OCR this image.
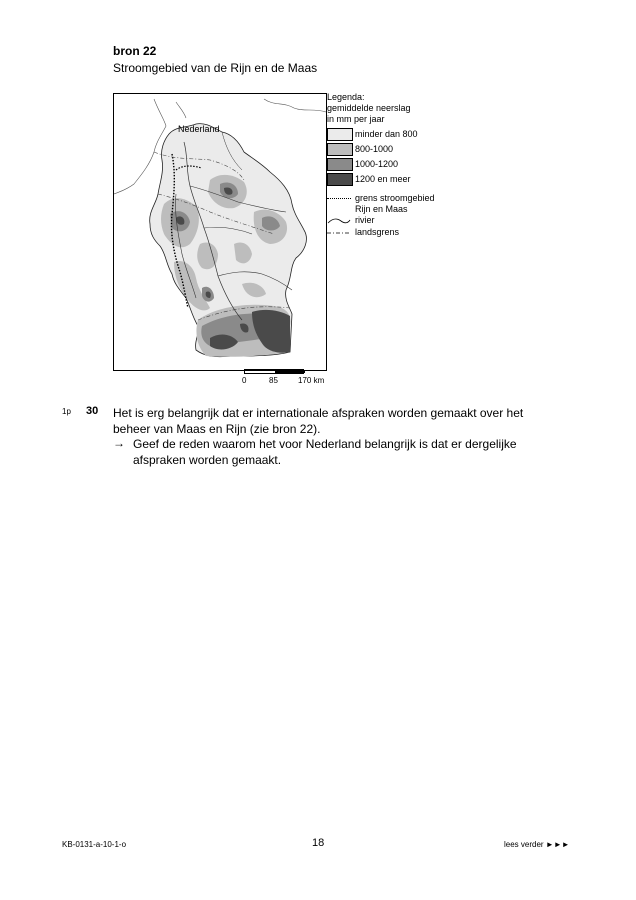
bron 22
Stroomgebied van de Rijn en de Maas
Nederland
Legenda:
gemiddelde neerslag
in mm per jaar
minder dan 800
800-1000
1000-1200
1200 en meer
grens stroomgebied
Rijn en Maas
rivier
landsgrens
0	85	170 km
1p 30 Het is erg belangrijk dat er internationale afspraken worden gemaakt over het beheer van Maas en Rijn (zie bron 22).
→ Geef de reden waarom het voor Nederland belangrijk is dat er dergelijke afspraken worden gemaakt.
KB-0131-a-10-1-o	18	lees verder ►►►
